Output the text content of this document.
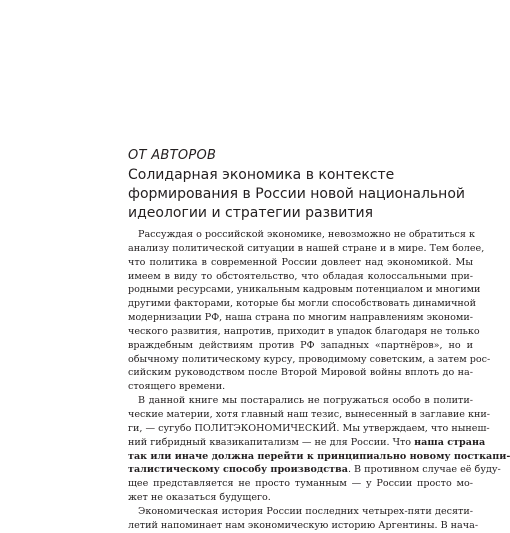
ОТ АВТОРОВ

Солидарная экономика в контексте
формирования в России новой национальной
идеологии и стратегии развития
Рассуждая о российской экономике, невозможно не обратиться к
анализу политической ситуации в нашей стране и в мире. Тем более,
что политика в современной России довлеет над экономикой. Мы
имеем в виду то обстоятельство, что обладая колоссальными при-
родными ресурсами, уникальным кадровым потенциалом и многими
другими факторами, которые бы могли способствовать динамичной
модернизации РФ, наша страна по многим направлениям экономи-
ческого развития, напротив, приходит в упадок благодаря не только
враждебным действиям против РФ западных «партнёров», но и
обычному политическому курсу, проводимому советским, а затем рос-
сийским руководством после Второй Мировой войны вплоть до на-
стоящего времени.
В данной книге мы постарались не погружаться особо в полити-
ческие материи, хотя главный наш тезис, вынесенный в заглавие кни-
ги, — сугубо ПОЛИТЭКОНОМИЧЕСКИЙ. Мы утверждаем, что нынеш-
ний гибридный квазикапитализм — не для России. Что наша страна
так или иначе должна перейти к принципиально новому посткапи-
талистическому способу производства. В противном случае её буду-
щее представляется не просто туманным — у России просто мо-
жет не оказаться будущего.
Экономическая история России последних четырех-пяти десяти-
летий напоминает нам экономическую историю Аргентины. В нача-
